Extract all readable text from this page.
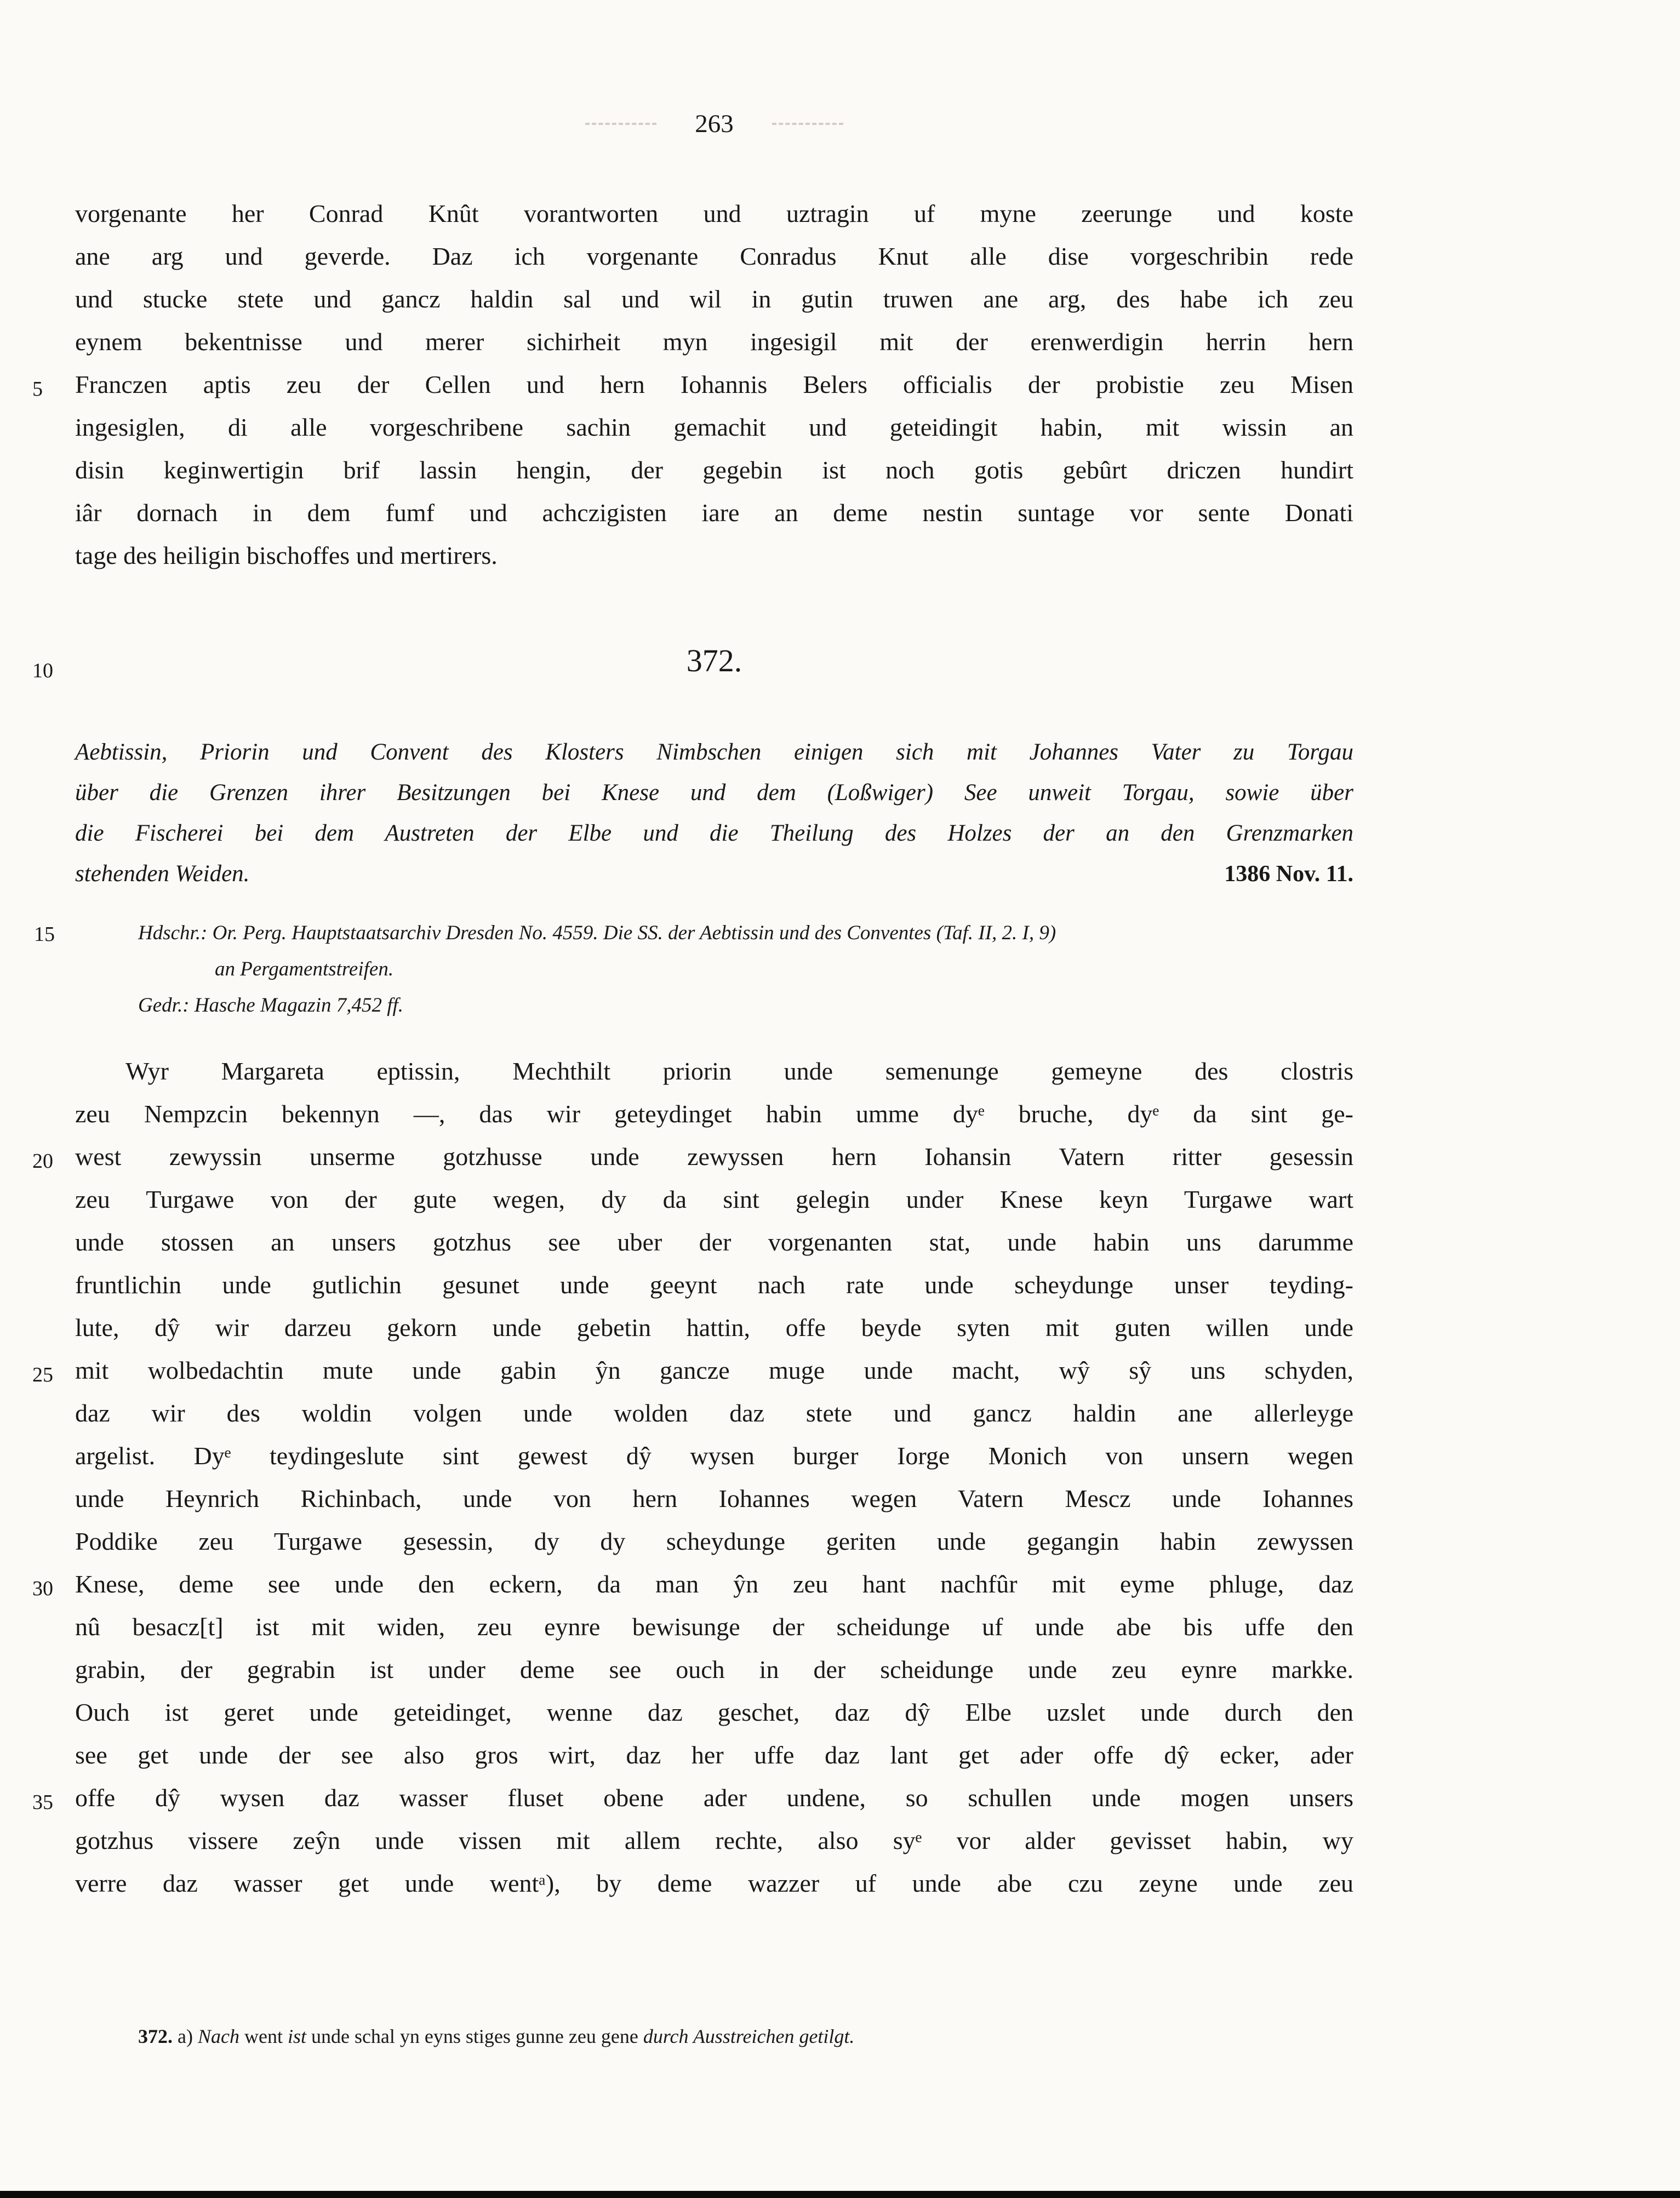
263
vorgenante her Conrad Knût vorantworten und uztragin uf myne zeerunge und koste
ane arg und geverde. Daz ich vorgenante Conradus Knut alle dise vorgeschribin rede
und stucke stete und gancz haldin sal und wil in gutin truwen ane arg, des habe ich zeu
eynem bekentnisse und merer sichirheit myn ingesigil mit der erenwerdigin herrin hern
5	Franczen aptis zeu der Cellen und hern Iohannis Belers officialis der probistie zeu Misen
ingesiglen, di alle vorgeschribene sachin gemachit und geteidingit habin, mit wissin an
disin keginwertigin brif lassin hengin, der gegebin ist noch gotis gebûrt driczen hundirt
iâr dornach in dem fumf und achczigisten iare an deme nestin suntage vor sente Donati
tage des heiligin bischoffes und mertirers.
10	372.
Aebtissin, Priorin und Convent des Klosters Nimbschen einigen sich mit Johannes Vater zu Torgau
über die Grenzen ihrer Besitzungen bei Knese und dem (Loßwiger) See unweit Torgau, sowie über
die Fischerei bei dem Austreten der Elbe und die Theilung des Holzes der an den Grenzmarken
stehenden Weiden.	1386 Nov. 11.
15	Hdschr.: Or. Perg. Hauptstaatsarchiv Dresden No. 4559. Die SS. der Aebtissin und des Conventes (Taf. II, 2. I, 9)
an Pergamentstreifen.
Gedr.: Hasche Magazin 7,452 ff.
Wyr Margareta eptissin, Mechthilt priorin unde semenunge gemeyne des clostris
zeu Nempzcin bekennyn —, das wir geteydinget habin umme dyᵉ bruche, dyᵉ da sint ge-
20 west zewyssin unserme gotzhusse unde zewyssen hern Iohansin Vatern ritter gesessin
zeu Turgawe von der gute wegen, dy da sint gelegin under Knese keyn Turgawe wart
unde stossen an unsers gotzhus see uber der vorgenanten stat, unde habin uns darumme
fruntlichin unde gutlichin gesunet unde geeynt nach rate unde scheydunge unser teyding-
lute, dŷ wir darzeu gekorn unde gebetin hattin, offe beyde syten mit guten willen unde
25 mit wolbedachtin mute unde gabin ŷn gancze muge unde macht, wŷ sŷ uns schyden,
daz wir des woldin volgen unde wolden daz stete und gancz haldin ane allerleyge
argelist. Dyᵉ teydingeslute sint gewest dŷ wysen burger Iorge Monich von unsern wegen
unde Heynrich Richinbach, unde von hern Iohannes wegen Vatern Mescz unde Iohannes
Poddike zeu Turgawe gesessin, dy dy scheydunge geriten unde gegangin habin zewyssen
30 Knese, deme see unde den eckern, da man ŷn zeu hant nachfûr mit eyme phluge, daz
nû besacz[t] ist mit widen, zeu eynre bewisunge der scheidunge uf unde abe bis uffe den
grabin, der gegrabin ist under deme see ouch in der scheidunge unde zeu eynre markke.
Ouch ist geret unde geteidinget, wenne daz geschet, daz dŷ Elbe uzslet unde durch den
see get unde der see also gros wirt, daz her uffe daz lant get ader offe dŷ ecker, ader
35 offe dŷ wysen daz wasser fluset obene ader undene, so schullen unde mogen unsers
gotzhus vissere zeŷn unde vissen mit allem rechte, also syᵉ vor alder gevisset habin, wy
verre daz wasser get unde wentᵃ), by deme wazzer uf unde abe czu zeyne unde zeu
372. a) Nach went ist unde schal yn eyns stiges gunne zeu gene durch Ausstreichen getilgt.
